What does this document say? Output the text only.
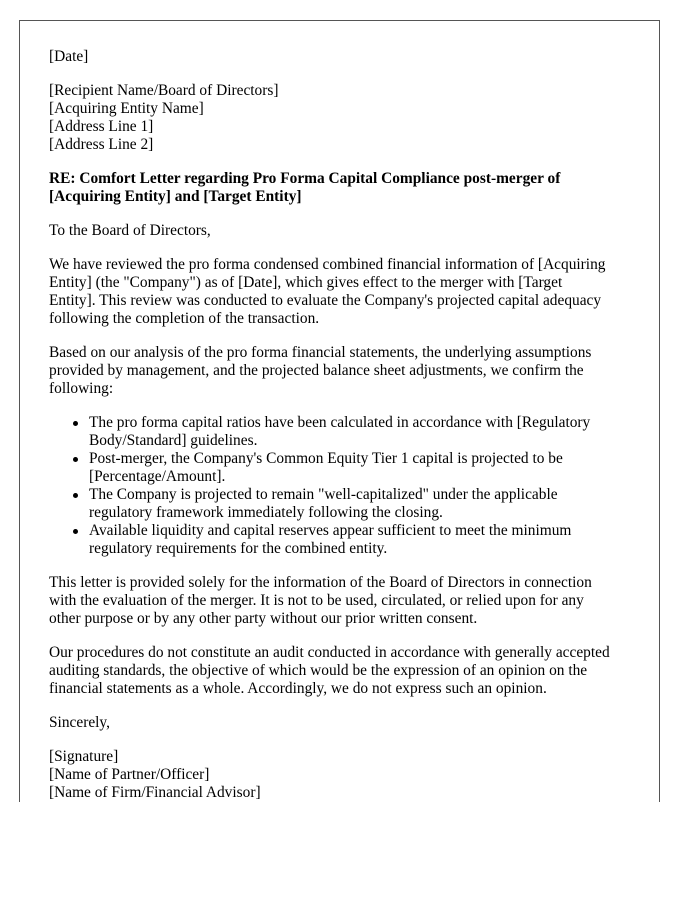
[Date]
[Recipient Name/Board of Directors]
[Acquiring Entity Name]
[Address Line 1]
[Address Line 2]
RE: Comfort Letter regarding Pro Forma Capital Compliance post-merger of
[Acquiring Entity] and [Target Entity]
To the Board of Directors,
We have reviewed the pro forma condensed combined financial information of [Acquiring
Entity] (the "Company") as of [Date], which gives effect to the merger with [Target
Entity]. This review was conducted to evaluate the Company's projected capital adequacy
following the completion of the transaction.
Based on our analysis of the pro forma financial statements, the underlying assumptions
provided by management, and the projected balance sheet adjustments, we confirm the
following:
The pro forma capital ratios have been calculated in accordance with [Regulatory
Body/Standard] guidelines.
Post-merger, the Company's Common Equity Tier 1 capital is projected to be
[Percentage/Amount].
The Company is projected to remain "well-capitalized" under the applicable
regulatory framework immediately following the closing.
Available liquidity and capital reserves appear sufficient to meet the minimum
regulatory requirements for the combined entity.
This letter is provided solely for the information of the Board of Directors in connection
with the evaluation of the merger. It is not to be used, circulated, or relied upon for any
other purpose or by any other party without our prior written consent.
Our procedures do not constitute an audit conducted in accordance with generally accepted
auditing standards, the objective of which would be the expression of an opinion on the
financial statements as a whole. Accordingly, we do not express such an opinion.
Sincerely,
[Signature]
[Name of Partner/Officer]
[Name of Firm/Financial Advisor]
